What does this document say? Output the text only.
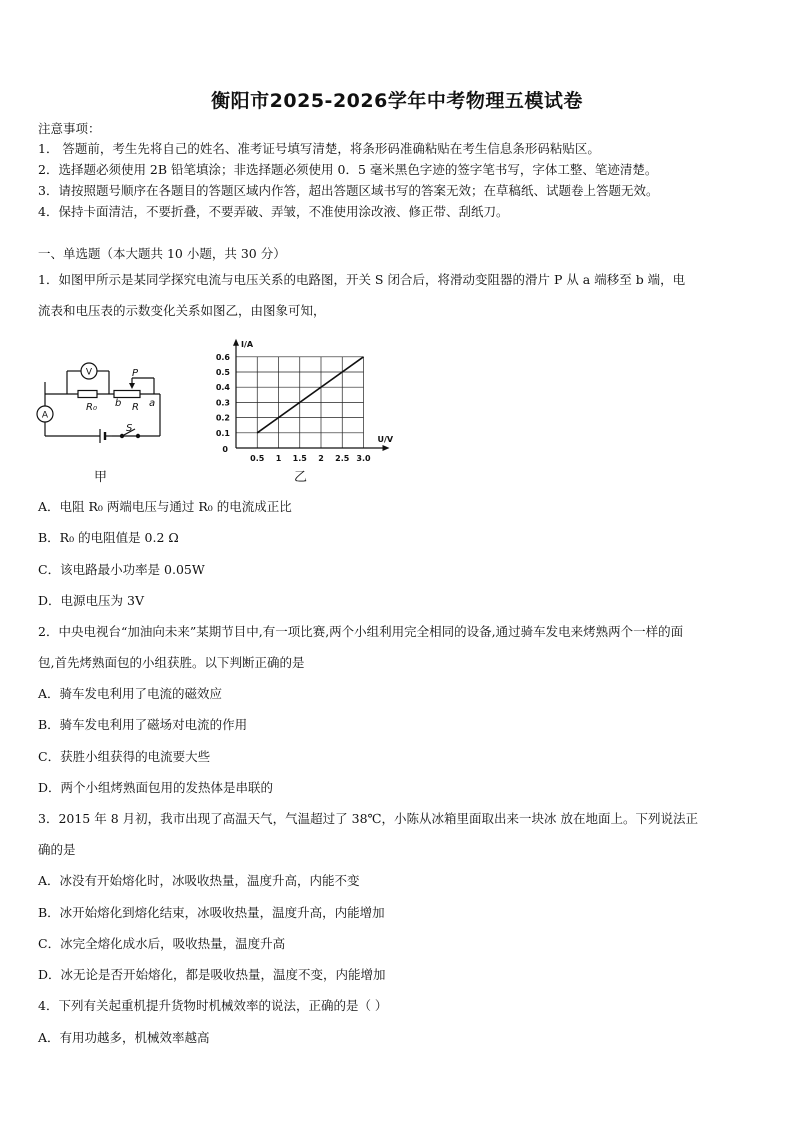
衡阳市2025-2026学年中考物理五模试卷
注意事项：
1． 答题前，考生先将自己的姓名、准考证号填写清楚，将条形码准确粘贴在考生信息条形码粘贴区。
2．选择题必须使用 2B 铅笔填涂；非选择题必须使用 0．5 毫米黑色字迹的签字笔书写，字体工整、笔迹清楚。
3．请按照题号顺序在各题目的答题区域内作答，超出答题区域书写的答案无效；在草稿纸、试题卷上答题无效。
4．保持卡面清洁，不要折叠，不要弄破、弄皱，不准使用涂改液、修正带、刮纸刀。
一、单选题（本大题共 10 小题，共 30 分）
1．如图甲所示是某同学探究电流与电压关系的电路图，开关 S 闭合后，将滑动变阻器的滑片 P 从 a 端移至 b 端，电
流表和电压表的示数变化关系如图乙，由图象可知，
V
A
P
R₀	R a
b
S
甲
0.5 1 1.5 2 2.5 3.0
0.1
0.2
0.3
0.4
0.5
0.6
0
U/V
I/A
乙
A．电阻 R₀ 两端电压与通过 R₀ 的电流成正比
B．R₀ 的电阻值是 0.2 Ω
C．该电路最小功率是 0.05W
D．电源电压为 3V
2．中央电视台“加油向未来”某期节目中,有一项比赛,两个小组利用完全相同的设备,通过骑车发电来烤熟两个一样的面
包,首先烤熟面包的小组获胜。以下判断正确的是
A．骑车发电利用了电流的磁效应
B．骑车发电利用了磁场对电流的作用
C．获胜小组获得的电流要大些
D．两个小组烤熟面包用的发热体是串联的
3．2015 年 8 月初，我市出现了高温天气，气温超过了 38℃，小陈从冰箱里面取出来一块冰 放在地面上。下列说法正
确的是
A．冰没有开始熔化时，冰吸收热量，温度升高，内能不变
B．冰开始熔化到熔化结束，冰吸收热量，温度升高，内能增加
C．冰完全熔化成水后，吸收热量，温度升高
D．冰无论是否开始熔化，都是吸收热量，温度不变，内能增加
4．下列有关起重机提升货物时机械效率的说法，正确的是（ ）
A．有用功越多，机械效率越高
